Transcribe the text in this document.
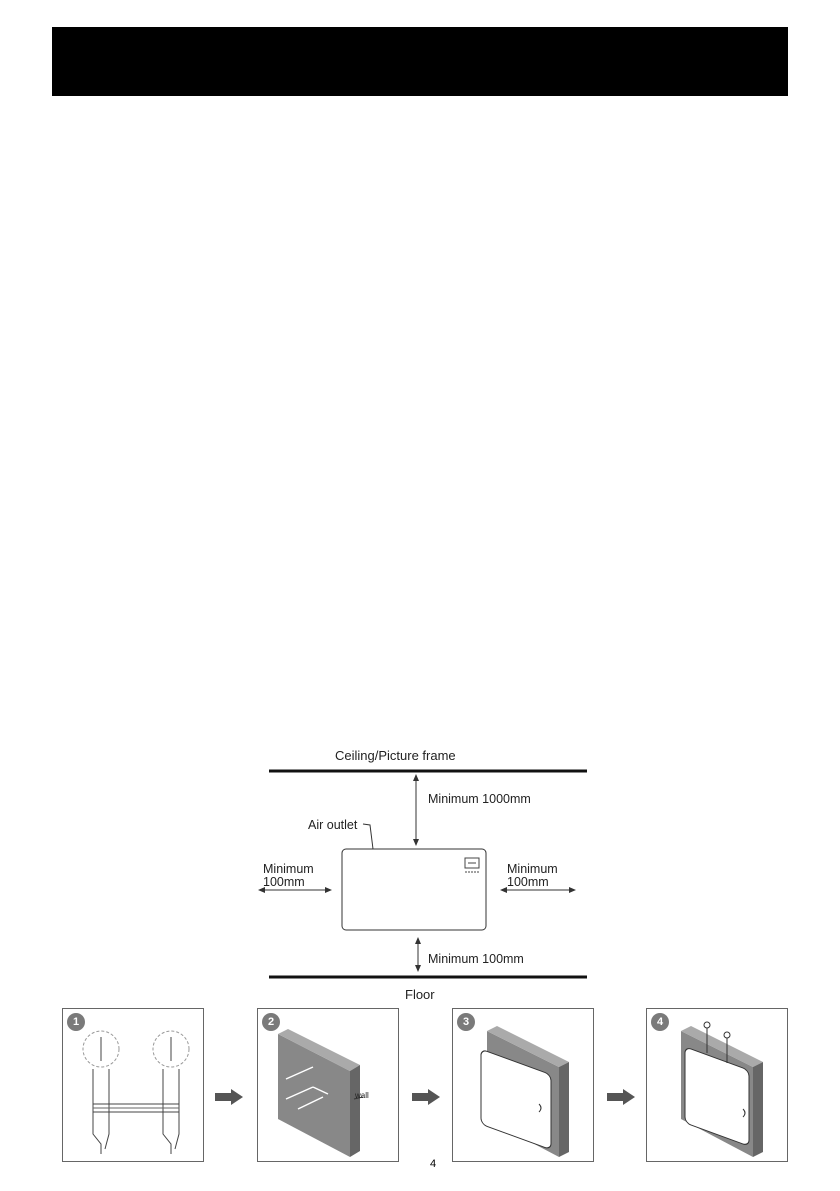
Ceiling/Picture frame
Minimum 1000mm
Air outlet
Minimum
100mm
Minimum
100mm
Minimum 100mm
Floor
1	2
wall
3	4
4
